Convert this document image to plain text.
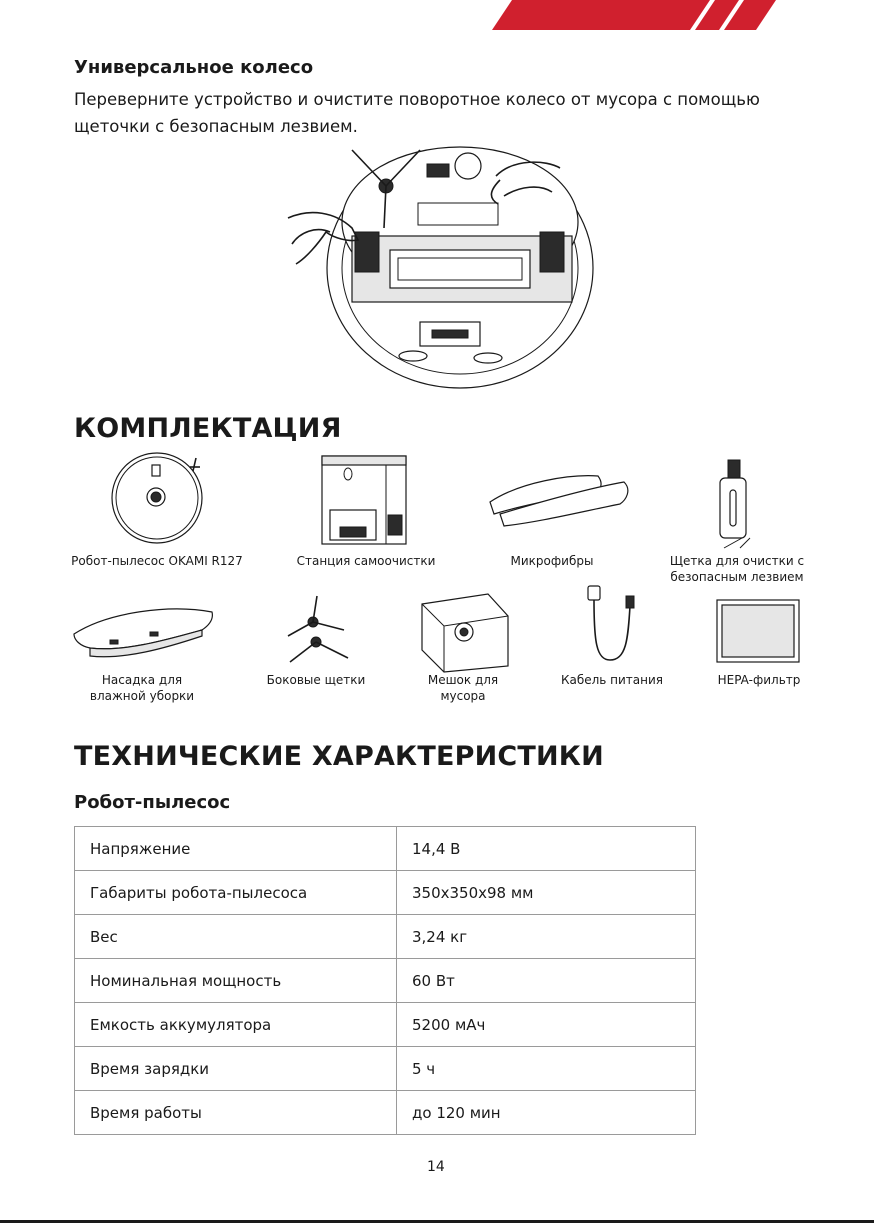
Универсальное колесо
Переверните устройство и очистите поворотное колесо от мусора с помощью
щеточки с безопасным лезвием.
КОМПЛЕКТАЦИЯ
Робот-пылесос OKAMI R127	Станция самоочистки	Микрофибры	Щетка для очистки с
безопасным лезвием
Насадка для
влажной уборки
Боковые щетки	Мешок для
мусора
Кабель питания	HEPA-фильтр
ТЕХНИЧЕСКИЕ ХАРАКТЕРИСТИКИ
Робот-пылесос
Напряжение	14,4 В
Габариты робота-пылесоса	350х350х98 мм
Вес	3,24 кг
Номинальная мощность	60 Вт
Емкость аккумулятора	5200 мАч
Время зарядки	5 ч
Время работы	до 120 мин
14
